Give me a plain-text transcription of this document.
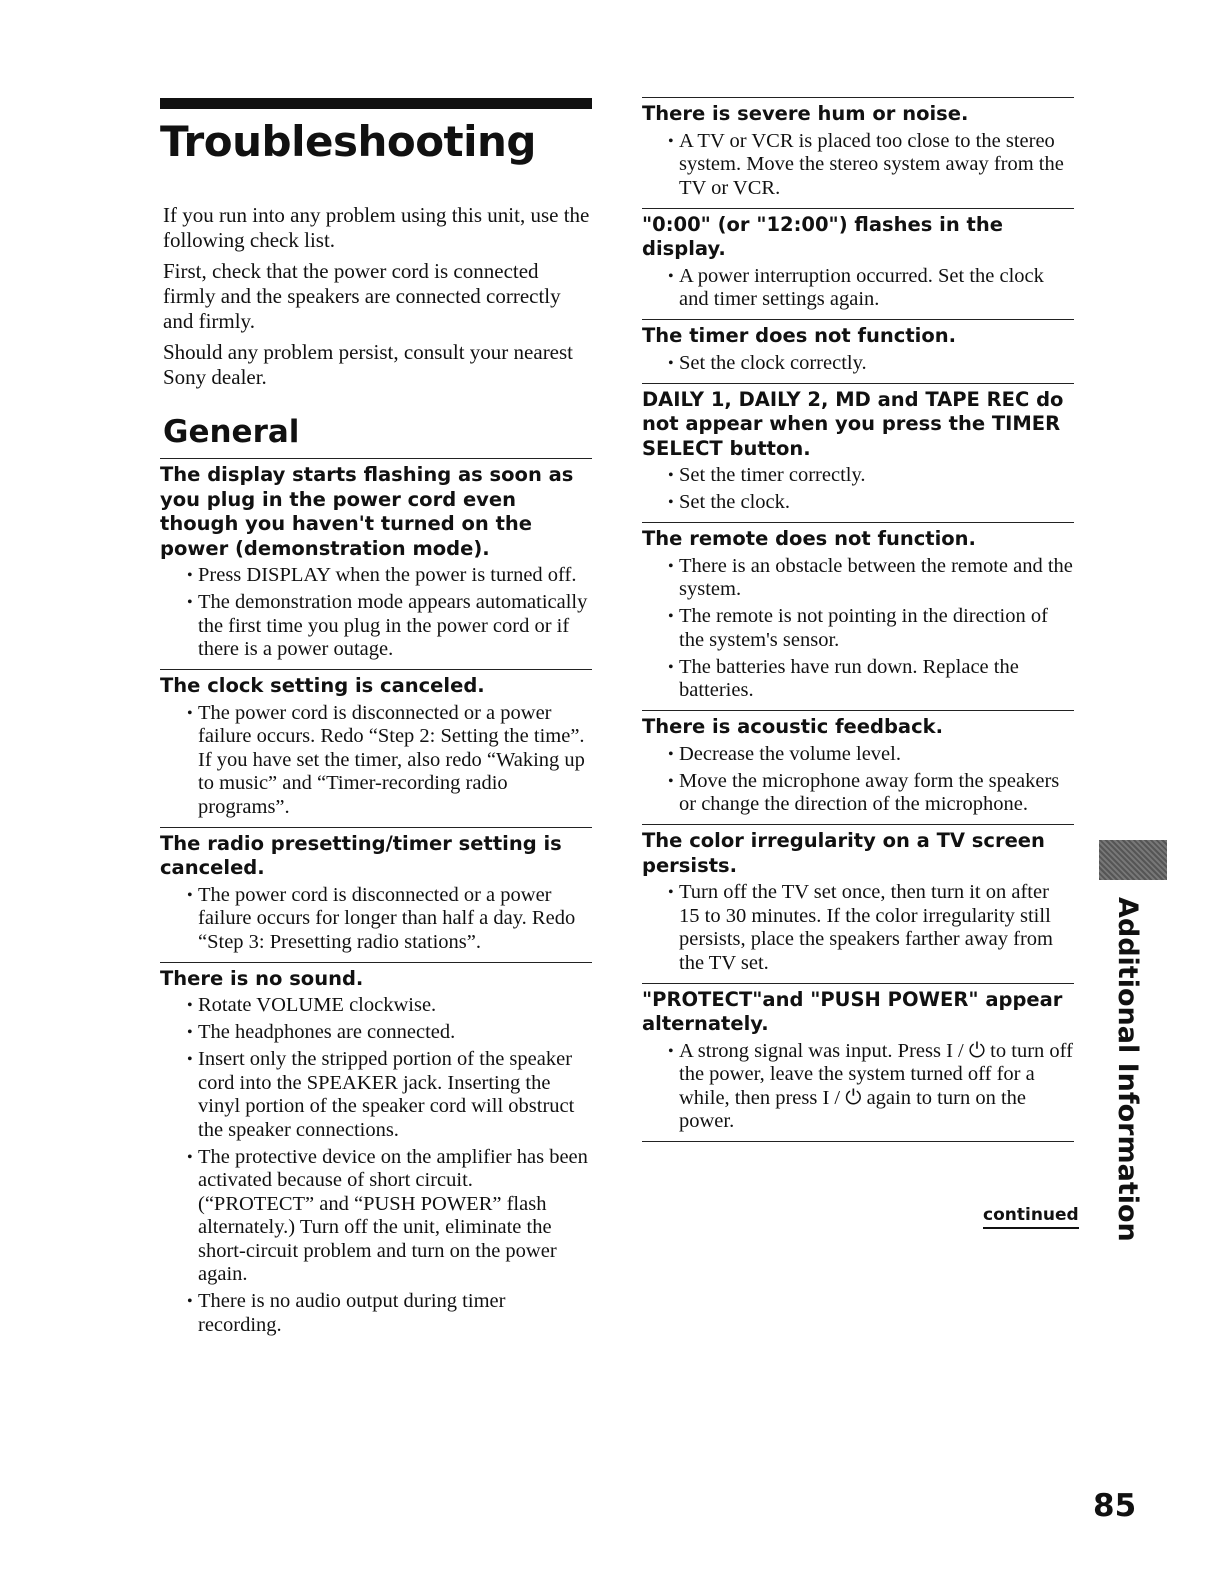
Troubleshooting

If you run into any problem using this unit, use the following check list.

First, check that the power cord is connected firmly and the speakers are connected correctly and firmly.

Should any problem persist, consult your nearest Sony dealer.

General
The display starts flashing as soon as you plug in the power cord even though you haven't turned on the power (demonstration mode).
• Press DISPLAY when the power is turned off.
• The demonstration mode appears automatically the first time you plug in the power cord or if there is a power outage.
The clock setting is canceled.
• The power cord is disconnected or a power failure occurs. Redo “Step 2: Setting the time”. If you have set the timer, also redo “Waking up to music” and “Timer-recording radio programs”.
The radio presetting/timer setting is canceled.
• The power cord is disconnected or a power failure occurs for longer than half a day. Redo “Step 3: Presetting radio stations”.
There is no sound.
• Rotate VOLUME clockwise.
• The headphones are connected.
• Insert only the stripped portion of the speaker cord into the SPEAKER jack. Inserting the vinyl portion of the speaker cord will obstruct the speaker connections.
• The protective device on the amplifier has been activated because of short circuit. (“PROTECT” and “PUSH POWER” flash alternately.) Turn off the unit, eliminate the short-circuit problem and turn on the power again.
• There is no audio output during timer recording.
There is severe hum or noise.
• A TV or VCR is placed too close to the stereo system. Move the stereo system away from the TV or VCR.
"0:00" (or "12:00") flashes in the display.
• A power interruption occurred. Set the clock and timer settings again.
The timer does not function.
• Set the clock correctly.
DAILY 1, DAILY 2, MD and TAPE REC do not appear when you press the TIMER SELECT button.
• Set the timer correctly.
• Set the clock.
The remote does not function.
• There is an obstacle between the remote and the system.
• The remote is not pointing in the direction of the system's sensor.
• The batteries have run down. Replace the batteries.
There is acoustic feedback.
• Decrease the volume level.
• Move the microphone away form the speakers or change the direction of the microphone.
The color irregularity on a TV screen persists.
• Turn off the TV set once, then turn it on after 15 to 30 minutes. If the color irregularity still persists, place the speakers farther away from the TV set.
"PROTECT"and "PUSH POWER" appear alternately.
• A strong signal was input. Press I / ⏻ to turn off the power, leave the system turned off for a while, then press I / ⏻ again to turn on the power.
continued Additional Information
85
